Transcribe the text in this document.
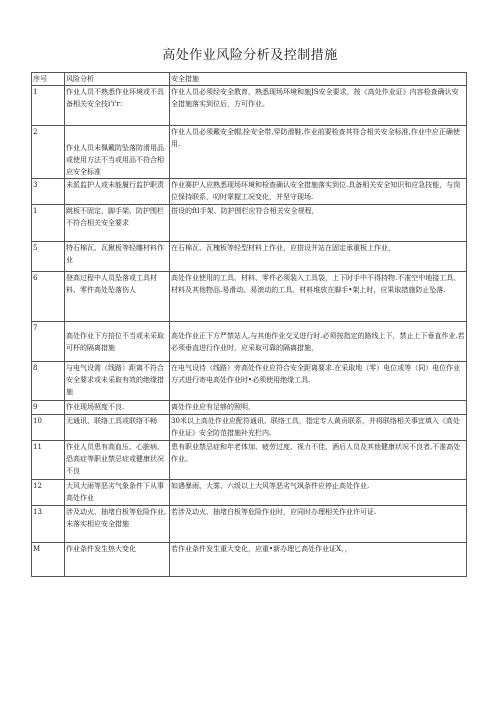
高处作业风险分析及控制措施
序号	风险分析	安全措施
1	作业人员不熟悉作业环境或不具备相关安全技i'i'r：	作业人员必须经安全教育，熟悉现场环境和施JS安全要求，按《高处作业证》内容检查确认安全措施落实到位后，方可作业。
2	作业人员未佩戴防坠落防滑用品或使用方法不当或用品不符合相应安全标准	作业人员必须戴安全帽,拴安全带,穿防滑鞋.作业前要检查其符合相关安全标准,作业中应正确使用.
3	未派监护人或未能履行监护职责	作业赛护人应熟悉现场环境和检查确认安全措施落实到位.具备相关安全知识和应急技能，与岗位保持联系，叨时掌握工况变化，并坚守现场.
1	跳板不固定，脚手架、防护围栏不符合相关安全要求	搭设的ftl手架、防护围栏应符合相关安全规程，
5	特石棉瓦、瓦揪板等轻雕材料作业	在石棉瓦、瓦槐板等轻型材料上作业，应搭设并站在固定承重板上作业，
6	登高过程中人员坠落或工具材料、零件高处坠落伤人	高处作业使用的工具、材料、零件必须装入工具袋，上下时手中不得持物.不准空中地接工具、材料及其他物品.易滑动、易滚动的工具、材料堆放在脚手•架上时，应果取措施防止坠落.
7	高处作业下方掊位不当或未采取可杯的隔离措施	高处作业正下方严禁站人,与其他作业交叉进行时.必须按指定的路线上下，禁止上下垂直作业.若必须垂直进行作业时，应采取可靠的隔离措施，
8	与电气设需（线路）距离不符合安全要求或未采取有效的绝缘措施	在电气设待（线路）旁高处作业应符合安全距离要求.在采取地（零）电位或等（同）电位作业方式进行寄电高处作业时•必须使用绝缘工具.
9	作业现场照度不良.	离处作业应有足够的照明，
10	无通讯、联络工具或联络不畅	30米以上高处作业应配符通讯、联络工具，指定专人黄贡联系，并将联络相关事宜填入《高处作业证》安全防范措施补充栏内.
11	作业人员患有高血压、心脏病、恐高症等职业禁忌症或健康状况不良	患有职业禁忌症和年老体加、疲劳过度、视力不佳、酒后人员及其他健康状况不良者,不准高处作业。
12	大风大雨等恶劣气象条件下从事高处作业	如遇暴雨、大雾、六级以上大风等恶劣气飒条件应停止高处作业.
13	涉及动火、抽堵白板等危险作业,未落实相应安全措施	若涉及动火、抽堵白板等危险作业时，应同时办理相关作业许可证.
M	作业条件发生热大变化	若作业条件发生重大变化，应重•新办理匕高处作业证X，，
